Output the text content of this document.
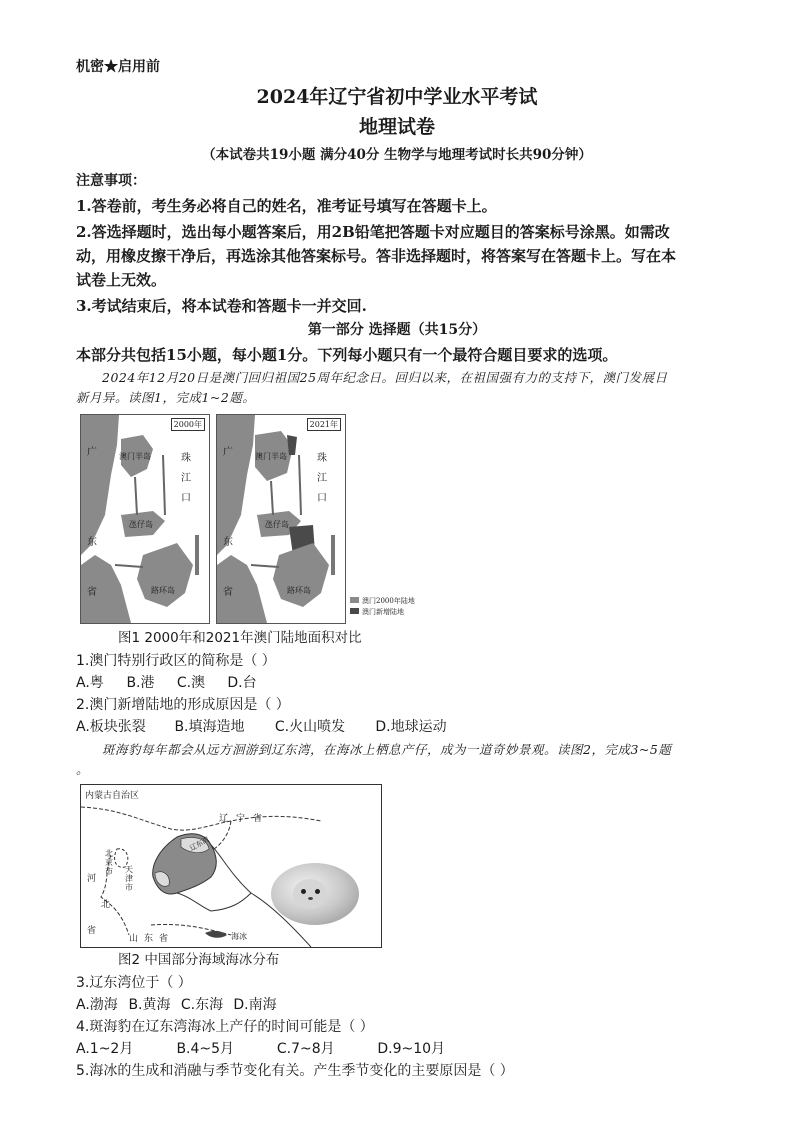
机密★启用前
2024年辽宁省初中学业水平考试
地理试卷
（本试卷共19小题 满分40分 生物学与地理考试时长共90分钟）
注意事项：
1.答卷前，考生务必将自己的姓名，准考证号填写在答题卡上。
2.答选择题时，选出每小题答案后，用2B铅笔把答题卡对应题目的答案标号涂黑。如需改
动，用橡皮擦干净后，再选涂其他答案标号。答非选择题时，将答案写在答题卡上。写在本
试卷上无效。
3.考试结束后，将本试卷和答题卡一并交回.
第一部分 选择题（共15分）
本部分共包括15小题，每小题1分。下列每小题只有一个最符合题目要求的选项。
2024年12月20日是澳门回归祖国25周年纪念日。回归以来，在祖国强有力的支持下，澳门发展日
新月异。读图1，完成1~2题。
2000年
广
东
省
珠
江
口
澳门半岛
氹仔岛
路环岛
2021年
广
东
省
珠
江
口
澳门半岛
氹仔岛
路环岛
澳门2000年陆地
澳门新增陆地
图1 2000年和2021年澳门陆地面积对比
1.澳门特别行政区的简称是（ ）
A.粤 B.港 C.澳 D.台
2.澳门新增陆地的形成原因是（ ）
A.板块张裂 B.填海造地 C.火山喷发 D.地球运动
斑海豹每年都会从远方洄游到辽东湾，在海冰上栖息产仔，成为一道奇妙景观。读图2，完成3~5题
。
内蒙古自治区
辽宁省
北京市 天津市
河
北
省
山东省
辽东湾
海冰
图2 中国部分海域海冰分布
3.辽东湾位于（ ）
A.渤海 B.黄海 C.东海 D.南海
4.斑海豹在辽东湾海冰上产仔的时间可能是（ ）
A.1~2月	B.4~5月	C.7~8月	D.9~10月
5.海冰的生成和消融与季节变化有关。产生季节变化的主要原因是（ ）
